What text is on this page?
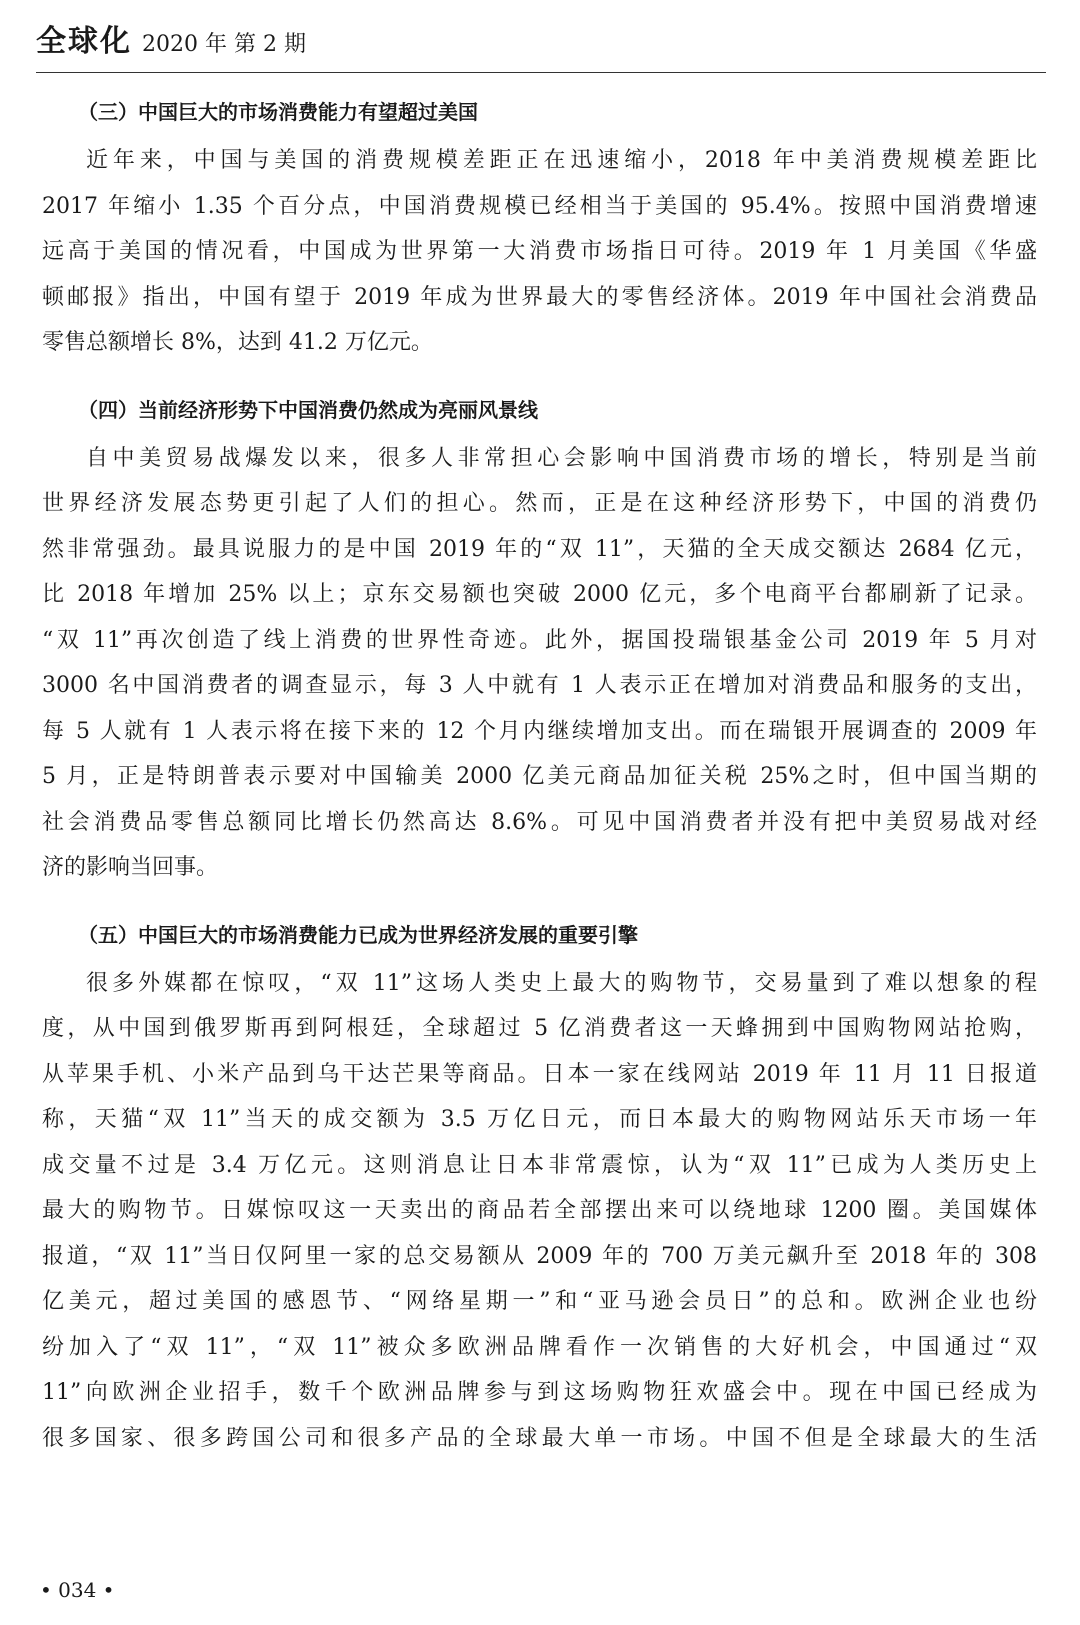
全球化 2020 年 第 2 期
（三）中国巨大的市场消费能力有望超过美国
近年来，中国与美国的消费规模差距正在迅速缩小，2018 年中美消费规模差距比
2017 年缩小 1.35 个百分点，中国消费规模已经相当于美国的 95.4%。按照中国消费增速
远高于美国的情况看，中国成为世界第一大消费市场指日可待。2019 年 1 月美国《华盛
顿邮报》指出，中国有望于 2019 年成为世界最大的零售经济体。2019 年中国社会消费品
零售总额增长 8%，达到 41.2 万亿元。
（四）当前经济形势下中国消费仍然成为亮丽风景线
自中美贸易战爆发以来，很多人非常担心会影响中国消费市场的增长，特别是当前
世界经济发展态势更引起了人们的担心。然而，正是在这种经济形势下，中国的消费仍
然非常强劲。最具说服力的是中国 2019 年的“双 11”，天猫的全天成交额达 2684 亿元，
比 2018 年增加 25% 以上；京东交易额也突破 2000 亿元，多个电商平台都刷新了记录。
“双 11”再次创造了线上消费的世界性奇迹。此外，据国投瑞银基金公司 2019 年 5 月对
3000 名中国消费者的调查显示，每 3 人中就有 1 人表示正在增加对消费品和服务的支出，
每 5 人就有 1 人表示将在接下来的 12 个月内继续增加支出。而在瑞银开展调查的 2009 年
5 月，正是特朗普表示要对中国输美 2000 亿美元商品加征关税 25%之时，但中国当期的
社会消费品零售总额同比增长仍然高达 8.6%。可见中国消费者并没有把中美贸易战对经
济的影响当回事。
（五）中国巨大的市场消费能力已成为世界经济发展的重要引擎
很多外媒都在惊叹，“双 11”这场人类史上最大的购物节，交易量到了难以想象的程
度，从中国到俄罗斯再到阿根廷，全球超过 5 亿消费者这一天蜂拥到中国购物网站抢购，
从苹果手机、小米产品到乌干达芒果等商品。日本一家在线网站 2019 年 11 月 11 日报道
称，天猫“双 11”当天的成交额为 3.5 万亿日元，而日本最大的购物网站乐天市场一年
成交量不过是 3.4 万亿元。这则消息让日本非常震惊，认为“双 11”已成为人类历史上
最大的购物节。日媒惊叹这一天卖出的商品若全部摆出来可以绕地球 1200 圈。美国媒体
报道，“双 11”当日仅阿里一家的总交易额从 2009 年的 700 万美元飙升至 2018 年的 308
亿美元，超过美国的感恩节、“网络星期一”和“亚马逊会员日”的总和。欧洲企业也纷
纷加入了“双 11”，“双 11”被众多欧洲品牌看作一次销售的大好机会，中国通过“双
11”向欧洲企业招手，数千个欧洲品牌参与到这场购物狂欢盛会中。现在中国已经成为
很多国家、很多跨国公司和很多产品的全球最大单一市场。中国不但是全球最大的生活
• 034 •
